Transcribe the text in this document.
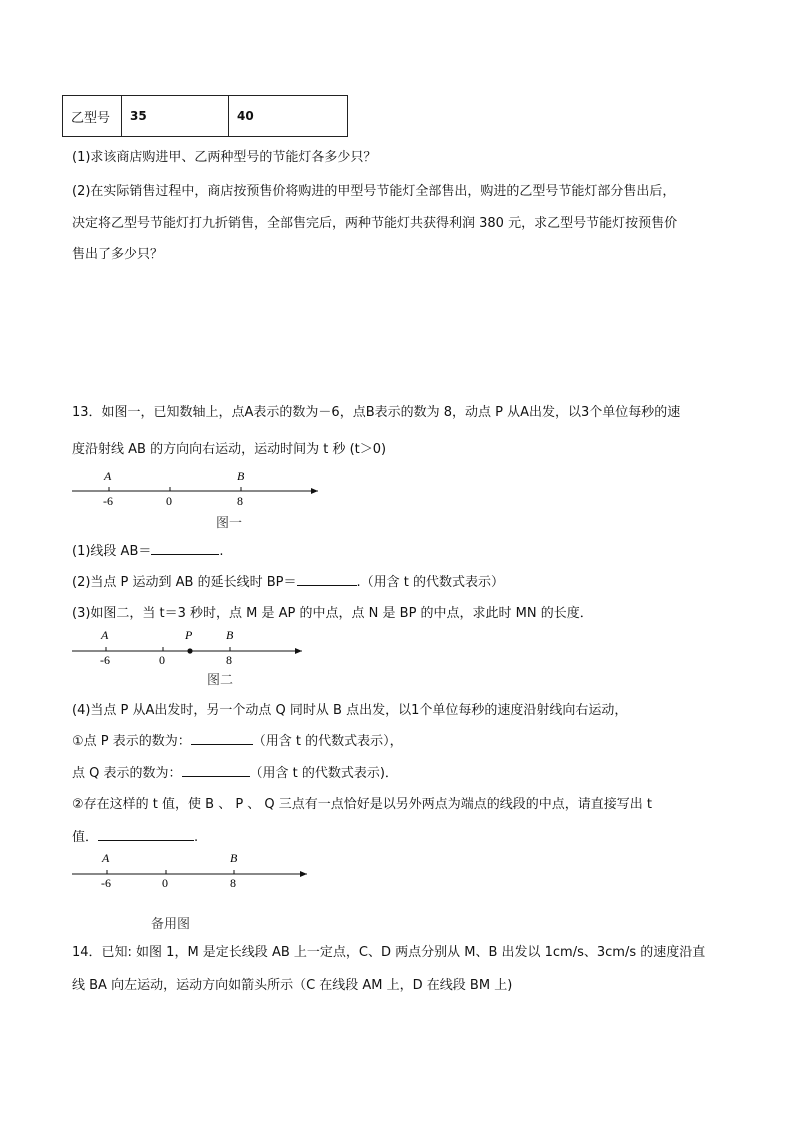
乙型号	35	40
(1)求该商店购进甲、乙两种型号的节能灯各多少只？
(2)在实际销售过程中，商店按预售价将购进的甲型号节能灯全部售出，购进的乙型号节能灯部分售出后，
决定将乙型号节能灯打九折销售，全部售完后，两种节能灯共获得利润 380 元，求乙型号节能灯按预售价
售出了多少只？
13．如图一，已知数轴上，点A表示的数为－6，点B表示的数为 8，动点 P 从A出发，以3个单位每秒的速
度沿射线 AB 的方向向右运动，运动时间为 t 秒 (t＞0)
A	B
-6	0	8
图一
(1)线段 AB＝	.
(2)当点 P 运动到 AB 的延长线时 BP＝	.（用含 t 的代数式表示）
(3)如图二，当 t＝3 秒时，点 M 是 AP 的中点，点 N 是 BP 的中点，求此时 MN 的长度．
A	P	B
-6	0	8
图二
(4)当点 P 从A出发时，另一个动点 Q 同时从 B 点出发，以1个单位每秒的速度沿射线向右运动，
①点 P 表示的数为：	（用含 t 的代数式表示），
点 Q 表示的数为：	（用含 t 的代数式表示)．
②存在这样的 t 值，使 B 、 P 、 Q 三点有一点恰好是以另外两点为端点的线段的中点，请直接写出 t
值．	.
A	B
-6	0	8
备用图
14．已知: 如图 1，M 是定长线段 AB 上一定点，C、D 两点分别从 M、B 出发以 1cm/s、3cm/s 的速度沿直
线 BA 向左运动，运动方向如箭头所示（C 在线段 AM 上，D 在线段 BM 上)
